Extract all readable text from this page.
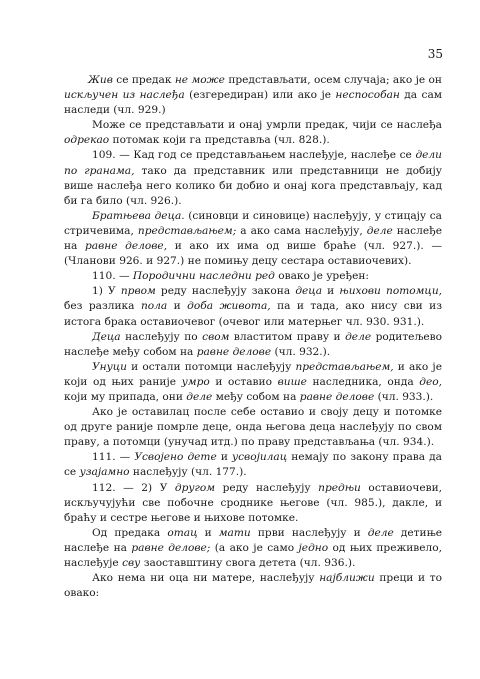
35

Жив се предак не може представљати, осем случаја; ако је он искључен из наслеђа (езгередиран) или ако је неспособан да сам наследи (чл. 929.)

Може се представљати и онај умрли предак, чији се наслеђа одрекао потомак који га представља (чл. 828.).

109. — Кад год се представљањем наслеђује, наслеђе се дели по гранама, тако да представник или представници не добију више наслеђа него колико би добио и онај кога представљају, кад би га било (чл. 926.).

Братњева деца. (синовци и синовице) наслеђују, у стицају са стричевима, представљањем; а ако сама наслеђују, деле наслеђе на равне делове, и ако их има од више браће (чл. 927.). — (Чланови 926. и 927.) не помињу децу сестара оставиочевих).

110. — Породични наследни ред овако је уређен:

1) У првом реду наслеђују закона деца и њихови потомци, без разлика пола и доба живота, па и тада, ако нису сви из истога брака оставиочевог (очевог или матерњег чл. 930. 931.).

Деца наслеђују по свом властитом праву и деле родитељево наслеђе међу собом на равне делове (чл. 932.).

Унуци и остали потомци наслеђују представљањем, и ако је који од њих раније умро и оставио више наследника, онда део, који му припада, они деле међу собом на равне делове (чл. 933.).

Ако је оставилац после себе оставио и своју децу и потомке од друге раније помрле деце, онда његова деца наслеђују по свом праву, а потомци (унучад итд.) по праву представљања (чл. 934.).

111. — Усвојено дете и усвојилац немају по закону права да се узајамно наслеђују (чл. 177.).

112. — 2) У другом реду наслеђују предњи оставиочеви, искључујући све побочне сроднике његове (чл. 985.), дакле, и браћу и сестре његове и њихове потомке.

Од предака отац и мати први наслеђују и деле детиње наслеђе на равне делове; (а ако је само једно од њих преживело, наслеђује сву заоставштину свога детета (чл. 936.).

Ако нема ни оца ни матере, наслеђују најближи преци и то овако:
